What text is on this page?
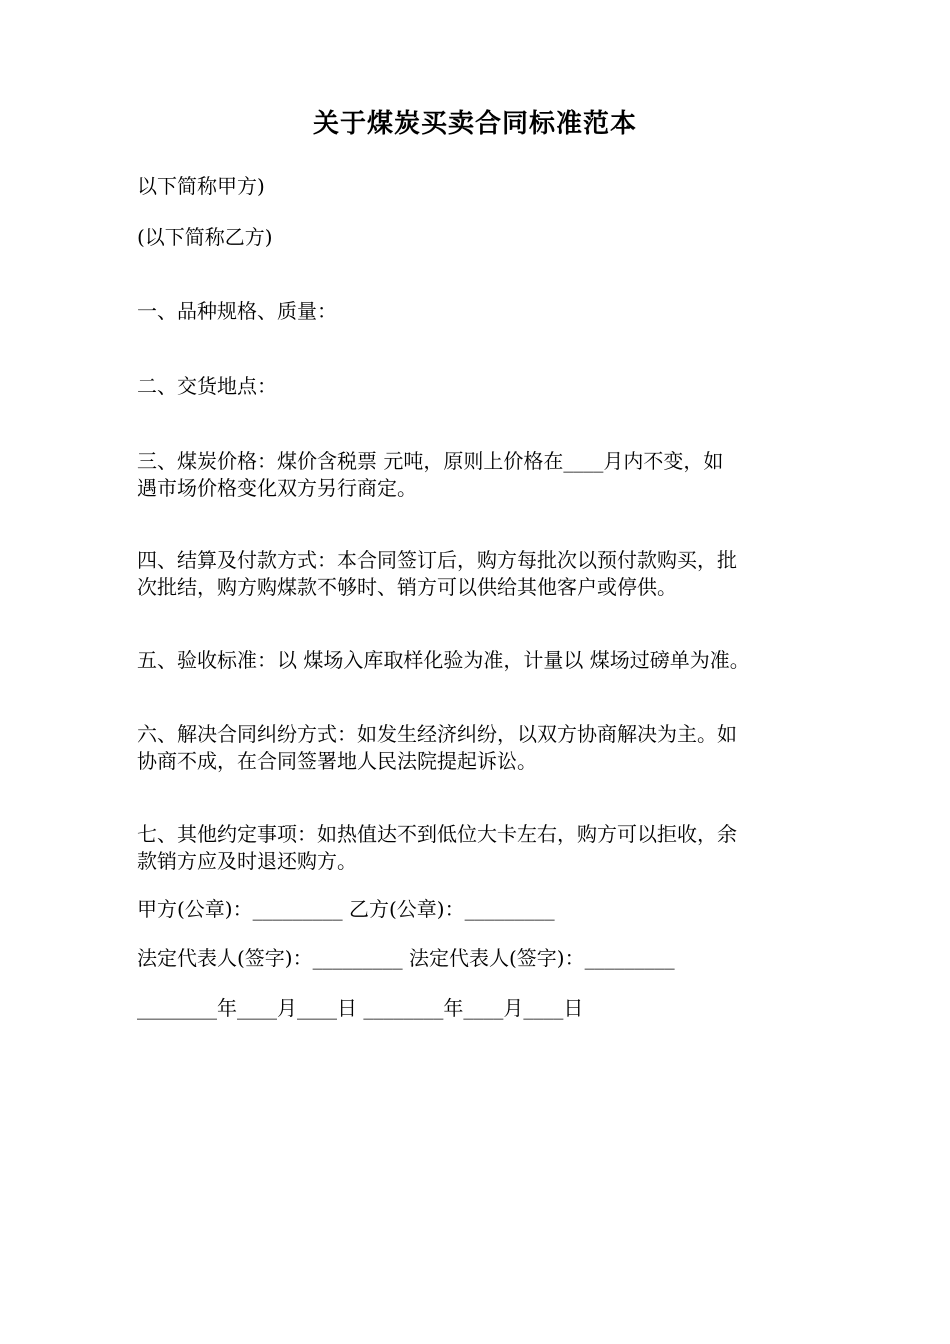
关于煤炭买卖合同标准范本
以下简称甲方)
(以下简称乙方)
一、品种规格、质量：
二、交货地点：
三、煤炭价格：煤价含税票 元吨，原则上价格在____月内不变，如
遇市场价格变化双方另行商定。
四、结算及付款方式：本合同签订后，购方每批次以预付款购买，批
次批结，购方购煤款不够时、销方可以供给其他客户或停供。
五、验收标准：以 煤场入库取样化验为准，计量以 煤场过磅单为准。
六、解决合同纠纷方式：如发生经济纠纷，以双方协商解决为主。如
协商不成，在合同签署地人民法院提起诉讼。
七、其他约定事项：如热值达不到低位大卡左右，购方可以拒收，余
款销方应及时退还购方。
甲方(公章)：_________ 乙方(公章)：_________
法定代表人(签字)：_________ 法定代表人(签字)：_________
________年____月____日 ________年____月____日
